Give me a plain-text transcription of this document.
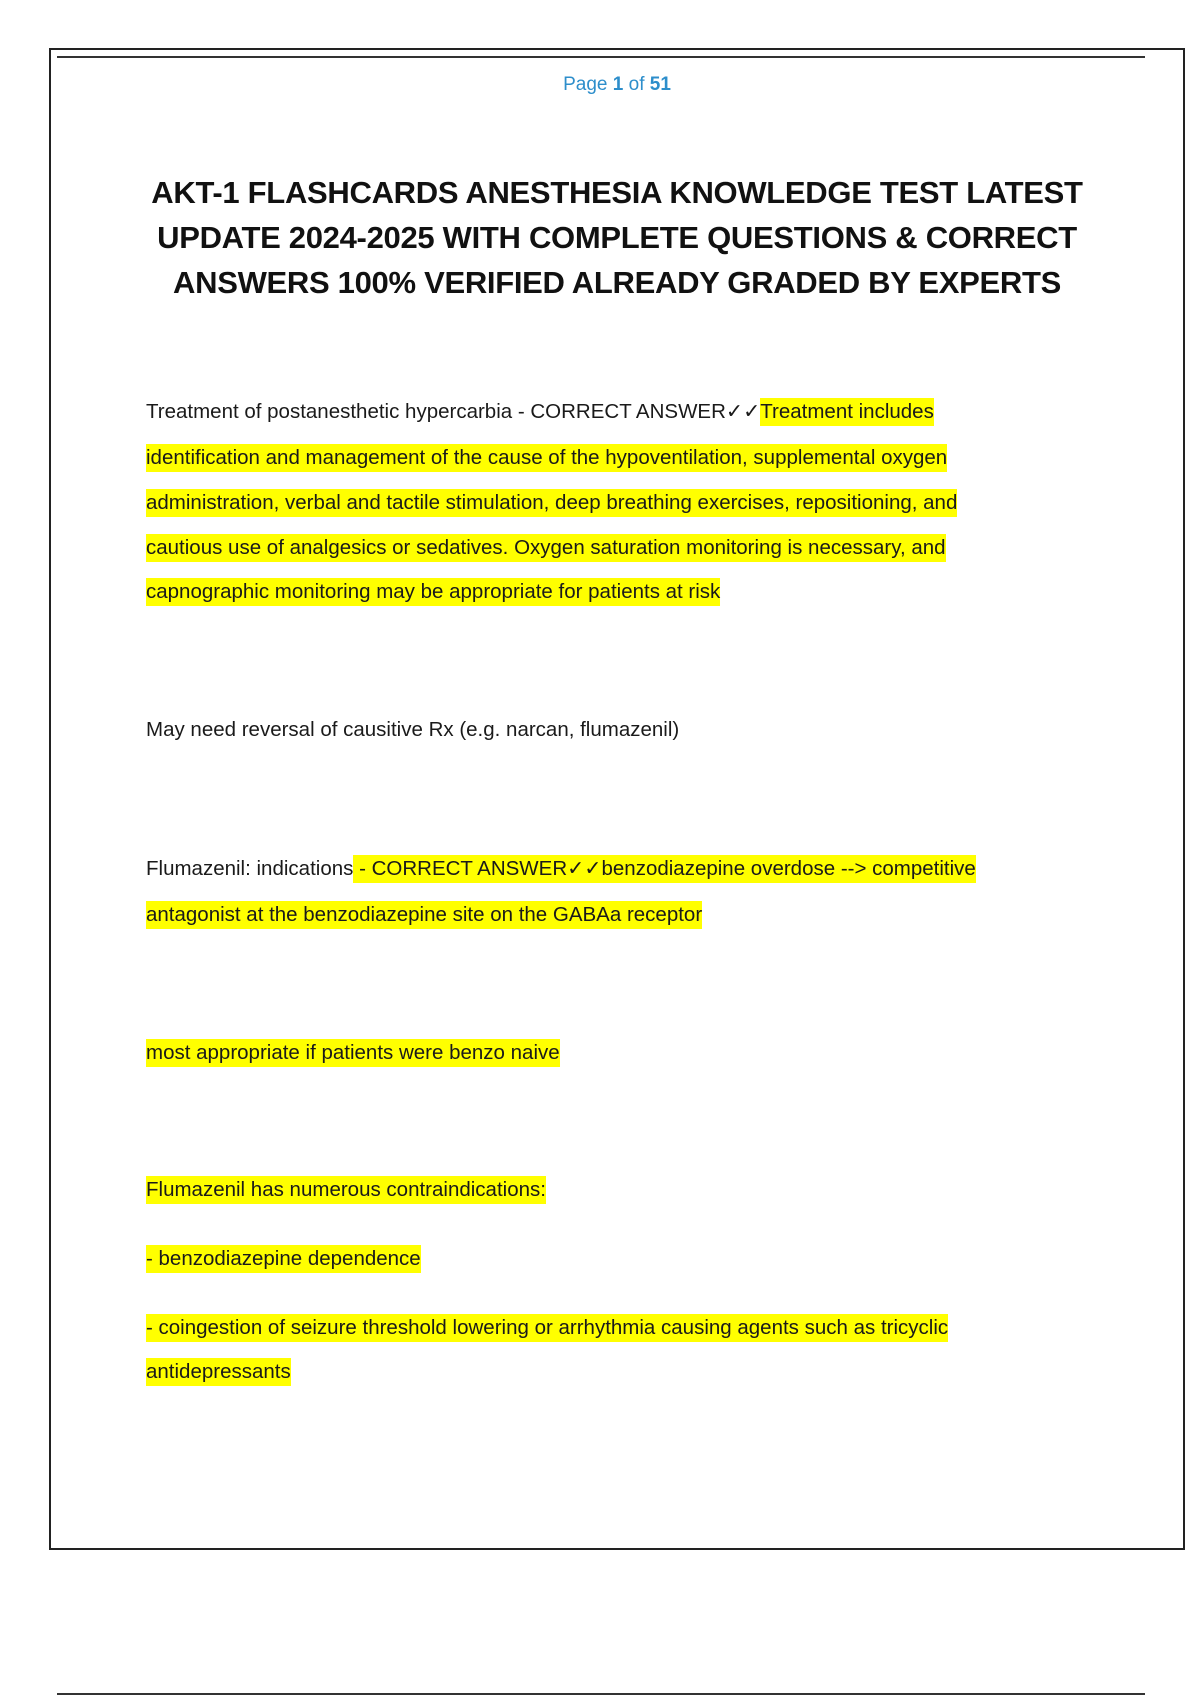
Page 1 of 51
AKT-1 FLASHCARDS ANESTHESIA KNOWLEDGE TEST LATEST
UPDATE 2024-2025 WITH COMPLETE QUESTIONS & CORRECT
ANSWERS 100% VERIFIED ALREADY GRADED BY EXPERTS
Treatment of postanesthetic hypercarbia - CORRECT ANSWER✓✓Treatment includes
identification and management of the cause of the hypoventilation, supplemental oxygen
administration, verbal and tactile stimulation, deep breathing exercises, repositioning, and
cautious use of analgesics or sedatives. Oxygen saturation monitoring is necessary, and
capnographic monitoring may be appropriate for patients at risk
May need reversal of causitive Rx (e.g. narcan, flumazenil)
Flumazenil: indications - CORRECT ANSWER✓✓benzodiazepine overdose --> competitive
antagonist at the benzodiazepine site on the GABAa receptor
most appropriate if patients were benzo naive
Flumazenil has numerous contraindications:
- benzodiazepine dependence
- coingestion of seizure threshold lowering or arrhythmia causing agents such as tricyclic
antidepressants
